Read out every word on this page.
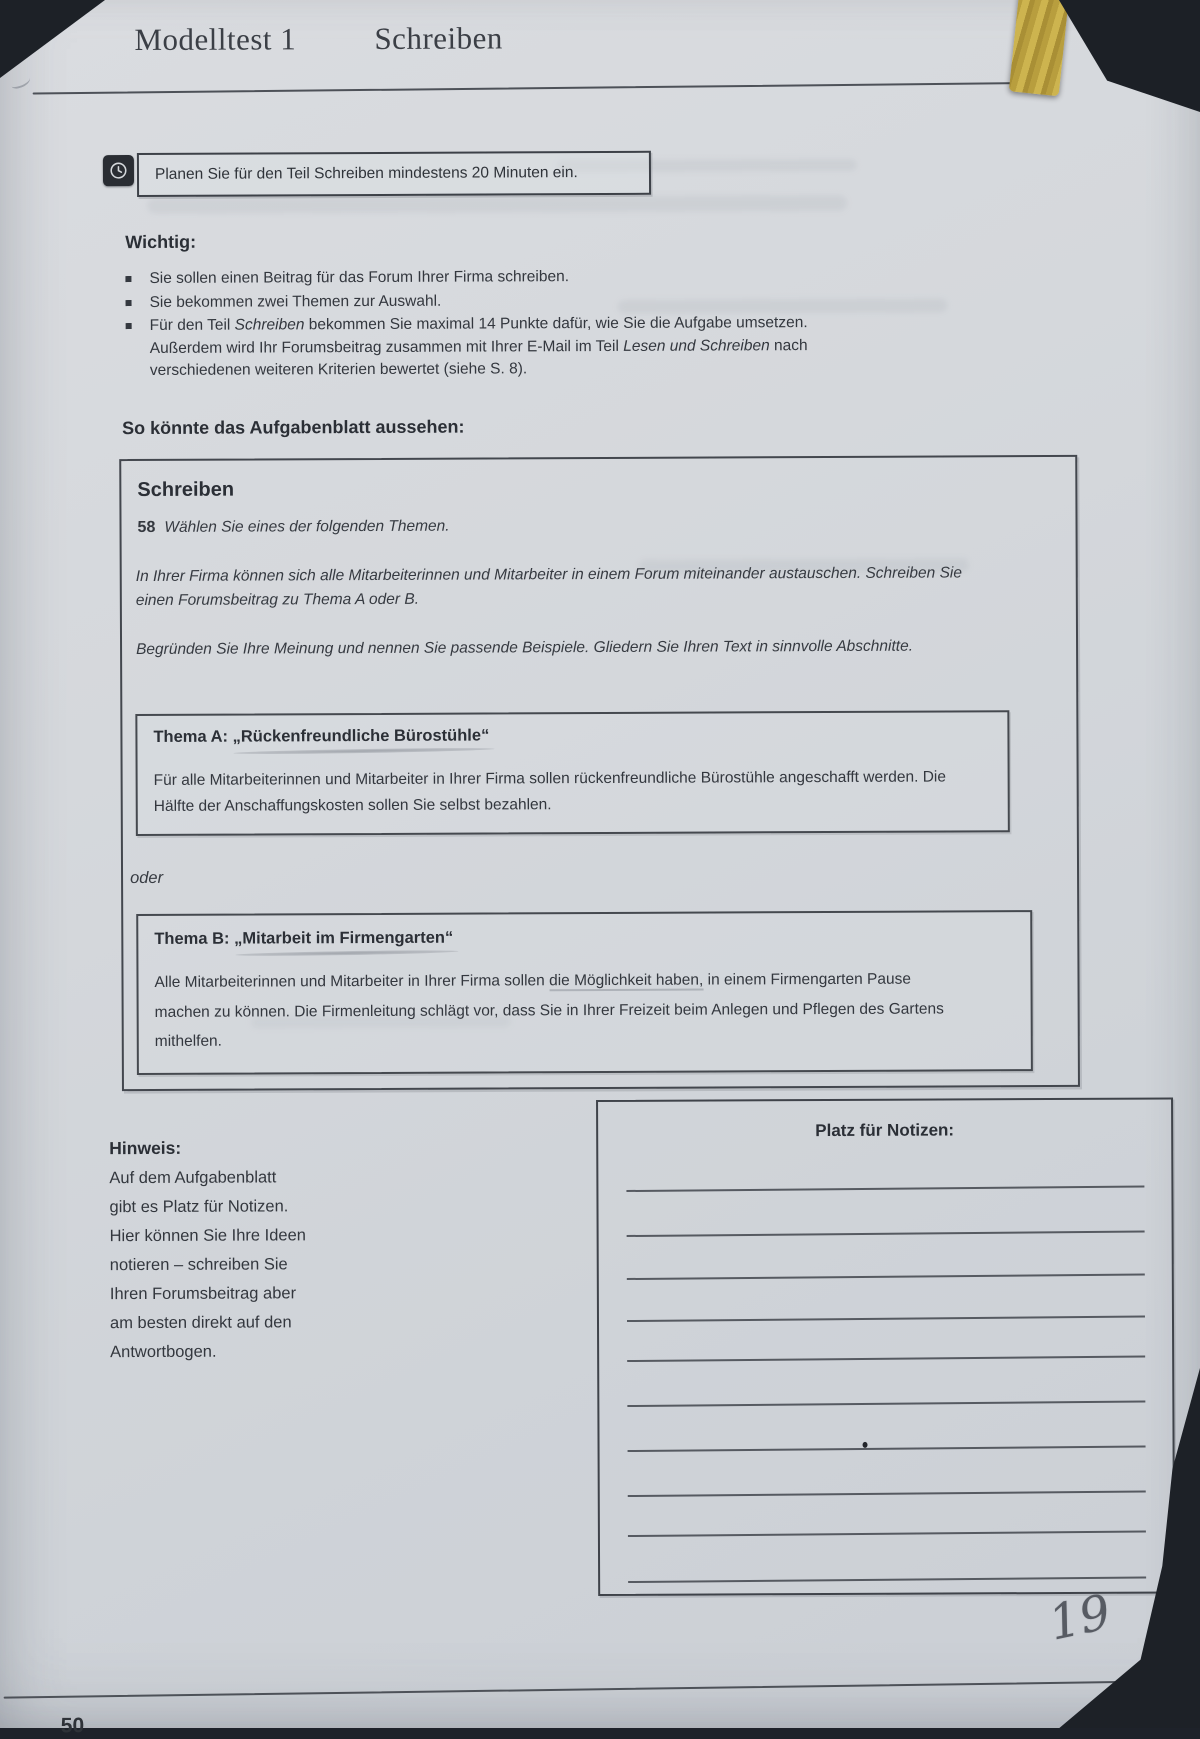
Modelltest 1	Schreiben
Planen Sie für den Teil Schreiben mindestens 20 Minuten ein.
Wichtig:
Sie sollen einen Beitrag für das Forum Ihrer Firma schreiben.
Sie bekommen zwei Themen zur Auswahl.
Für den Teil Schreiben bekommen Sie maximal 14 Punkte dafür, wie Sie die Aufgabe umsetzen. Außerdem wird Ihr Forumsbeitrag zusammen mit Ihrer E-Mail im Teil Lesen und Schreiben nach verschiedenen weiteren Kriterien bewertet (siehe S. 8).
So könnte das Aufgabenblatt aussehen:
Schreiben
58 Wählen Sie eines der folgenden Themen.
In Ihrer Firma können sich alle Mitarbeiterinnen und Mitarbeiter in einem Forum miteinander austauschen. Schreiben Sie einen Forumsbeitrag zu Thema A oder B.
Begründen Sie Ihre Meinung und nennen Sie passende Beispiele. Gliedern Sie Ihren Text in sinnvolle Abschnitte.
Thema A: „Rückenfreundliche Bürostühle“
Für alle Mitarbeiterinnen und Mitarbeiter in Ihrer Firma sollen rückenfreundliche Bürostühle angeschafft werden. Die Hälfte der Anschaffungskosten sollen Sie selbst bezahlen.
oder
Thema B: „Mitarbeit im Firmengarten“
Alle Mitarbeiterinnen und Mitarbeiter in Ihrer Firma sollen die Möglichkeit haben, in einem Firmengarten Pause machen zu können. Die Firmenleitung schlägt vor, dass Sie in Ihrer Freizeit beim Anlegen und Pflegen des Gartens mithelfen.
Hinweis:
Auf dem Aufgabenblatt
gibt es Platz für Notizen.
Hier können Sie Ihre Ideen
notieren – schreiben Sie
Ihren Forumsbeitrag aber
am besten direkt auf den
Antwortbogen.
Platz für Notizen:
19
50
